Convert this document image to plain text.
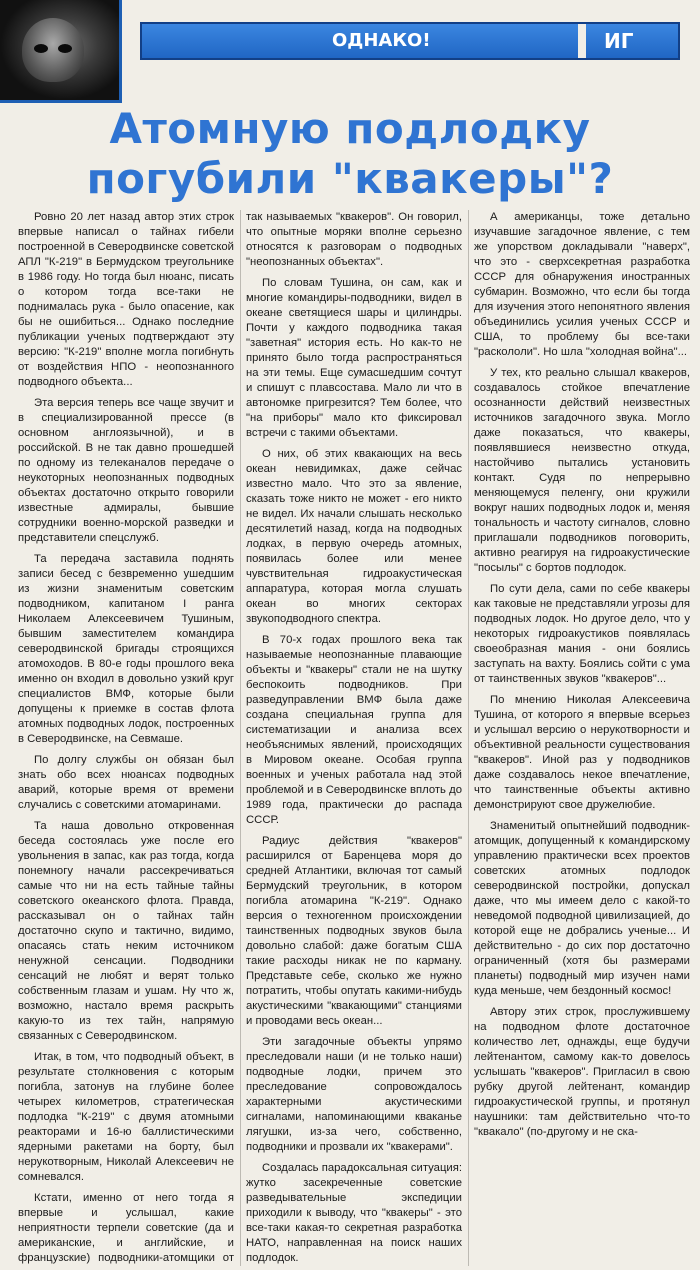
ОДНАКО!	ИГ
Атомную подлодку
погубили "квакеры"?

Ровно 20 лет назад автор этих строк впервые написал о тайнах гибели построенной в Северодвинске советской АПЛ "К-219" в Бермудском треугольнике в 1986 году. Но тогда был нюанс, писать о котором тогда все-таки не поднималась рука - было опасение, как бы не ошибиться... Однако последние публикации ученых подтверждают эту версию: "К-219" вполне могла погибнуть от воздействия НПО - неопознанного подводного объекта...

Эта версия теперь все чаще звучит и в специализированной прессе (в основном англоязычной), и в российской. В не так давно прошедшей по одному из телеканалов передаче о неукоторных неопознанных подводных объектах достаточно открыто говорили известные адмиралы, бывшие сотрудники военно-морской разведки и представители спецслужб.

Та передача заставила поднять записи бесед с безвременно ушедшим из жизни знаменитым советским подводником, капитаном I ранга Николаем Алексеевичем Тушиным, бывшим заместителем командира северодвинской бригады строящихся атомоходов. В 80-е годы прошлого века именно он входил в довольно узкий круг специалистов ВМФ, которые были допущены к приемке в состав флота атомных подводных лодок, построенных в Северодвинске, на Севмаше.

По долгу службы он обязан был знать обо всех нюансах подводных аварий, которые время от времени случались с советскими атомаринами.

Та наша довольно откровенная беседа состоялась уже после его увольнения в запас, как раз тогда, когда понемногу начали рассекречиваться самые что ни на есть тайные тайны советского океанского флота. Правда, рассказывал он о тайнах тайн достаточно скупо и тактично, видимо, опасаясь стать неким источником ненужной сенсации. Подводники сенсаций не любят и верят только собственным глазам и ушам. Ну что ж, возможно, настало время раскрыть какую-то из тех тайн, напрямую связанных с Северодвинском.

Итак, в том, что подводный объект, в результате столкновения с которым погибла, затонув на глубине более четырех километров, стратегическая подлодка "К-219" с двумя атомными реакторами и 16-ю баллистическими ядерными ракетами на борту, был нерукотворным, Николай Алексеевич не сомневался.

Кстати, именно от него тогда я впервые и услышал, какие неприятности терпели советские (да и американские, и английские, и французские) подводники-атомщики от так называемых "квакеров". Он говорил, что опытные моряки вполне серьезно относятся к разговорам о подводных "неопознанных объектах".

По словам Тушина, он сам, как и многие командиры-подводники, видел в океане светящиеся шары и цилиндры. Почти у каждого подводника такая "заветная" история есть. Но как-то не принято было тогда распространяться на эти темы. Еще сумасшедшим сочтут и спишут с плавсостава. Мало ли что в автономке пригрезится? Тем более, что "на приборы" мало кто фиксировал встречи с такими объектами.

О них, об этих квакающих на весь океан невидимках, даже сейчас известно мало. Что это за явление, сказать тоже никто не может - его никто не видел. Их начали слышать несколько десятилетий назад, когда на подводных лодках, в первую очередь атомных, появилась более или менее чувствительная гидроакустическая аппаратура, которая могла слушать океан во многих секторах звукоподводного спектра.

В 70-х годах прошлого века так называемые неопознанные плавающие объекты и "квакеры" стали не на шутку беспокоить подводников. При разведуправлении ВМФ была даже создана специальная группа для систематизации и анализа всех необъяснимых явлений, происходящих в Мировом океане. Особая группа военных и ученых работала над этой проблемой и в Северодвинске вплоть до 1989 года, практически до распада СССР.

Радиус действия "квакеров" расширился от Баренцева моря до средней Атлантики, включая тот самый Бермудский треугольник, в котором погибла атомарина "К-219". Однако версия о техногенном происхождении таинственных подводных звуков была довольно слабой: даже богатым США такие расходы никак не по карману. Представьте себе, сколько же нужно потратить, чтобы опутать какими-нибудь акустическими "квакающими" станциями и проводами весь океан...

Эти загадочные объекты упрямо преследовали наши (и не только наши) подводные лодки, причем это преследование сопровождалось характерными акустическими сигналами, напоминающими кваканье лягушки, из-за чего, собственно, подводники и прозвали их "квакерами".

Создалась парадоксальная ситуация: жутко засекреченные советские разведывательные экспедиции приходили к выводу, что "квакеры" - это все-таки какая-то секретная разработка НАТО, направленная на поиск наших подлодок.

А американцы, тоже детально изучавшие загадочное явление, с тем же упорством докладывали "наверх", что это - сверхсекретная разработка СССР для обнаружения иностранных субмарин. Возможно, что если бы тогда для изучения этого непонятного явления объединились усилия ученых СССР и США, то проблему бы все-таки "раскололи". Но шла "холодная война"...

У тех, кто реально слышал квакеров, создавалось стойкое впечатление осознанности действий неизвестных источников загадочного звука. Могло даже показаться, что квакеры, появлявшиеся неизвестно откуда, настойчиво пытались установить контакт. Судя по непрерывно меняющемуся пеленгу, они кружили вокруг наших подводных лодок и, меняя тональность и частоту сигналов, словно приглашали подводников поговорить, активно реагируя на гидроакустические "посылы" с бортов подлодок.

По сути дела, сами по себе квакеры как таковые не представляли угрозы для подводных лодок. Но другое дело, что у некоторых гидроакустиков появлялась своеобразная мания - они боялись заступать на вахту. Боялись сойти с ума от таинственных звуков "квакеров"...

По мнению Николая Алексеевича Тушина, от которого я впервые всерьез и услышал версию о нерукотворности и объективной реальности существования "квакеров". Иной раз у подводников даже создавалось некое впечатление, что таинственные объекты активно демонстрируют свое дружелюбие.

Знаменитый опытнейший подводник-атомщик, допущенный к командирскому управлению практически всех проектов советских атомных подлодок северодвинской постройки, допускал даже, что мы имеем дело с какой-то неведомой подводной цивилизацией, до которой еще не добрались ученые... И действительно - до сих пор достаточно ограниченный (хотя бы размерами планеты) подводный мир изучен нами куда меньше, чем бездонный космос!

Автору этих строк, прослужившему на подводном флоте достаточное количество лет, однажды, еще будучи лейтенантом, самому как-то довелось услышать "квакеров". Пригласил в свою рубку другой лейтенант, командир гидроакустической группы, и протянул наушники: там действительно что-то "квакало" (по-другому и не ска-
